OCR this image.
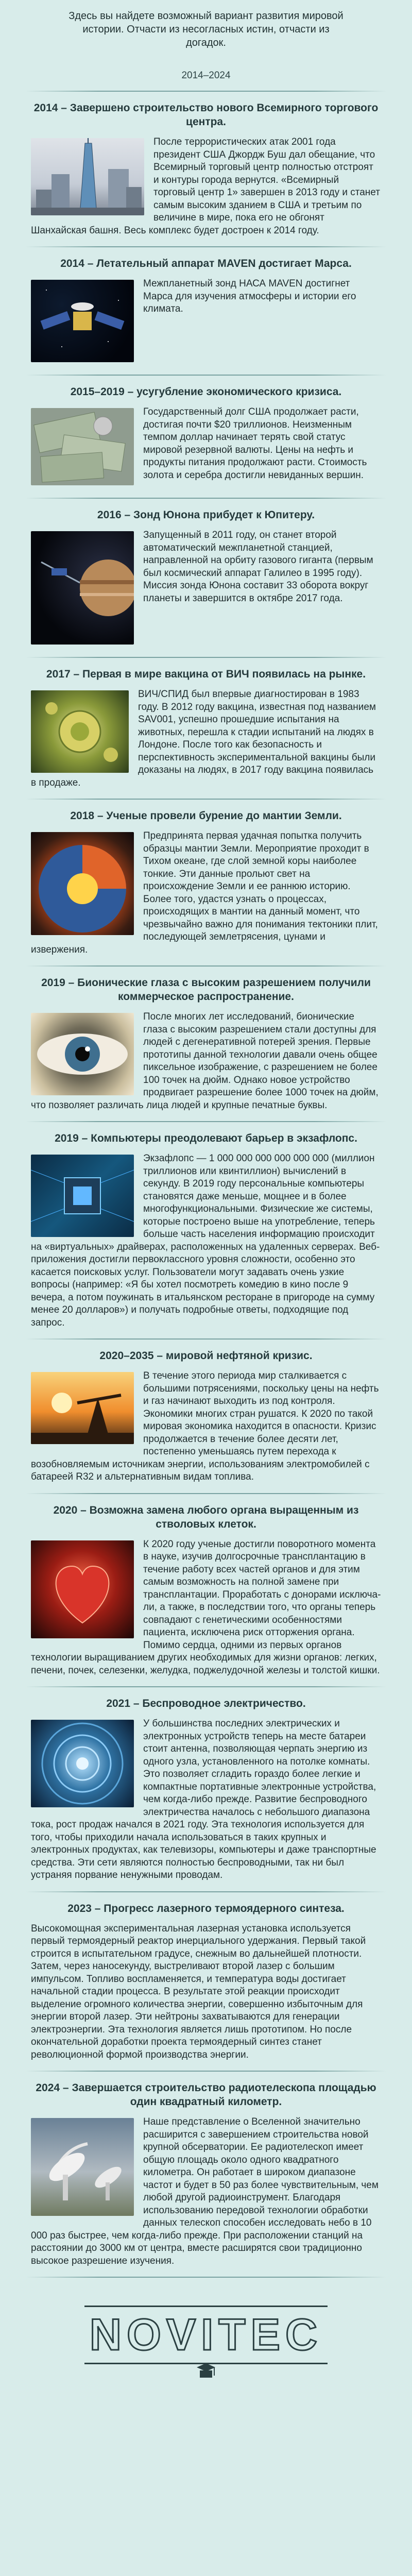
Здесь вы найдете возможный вариант развития мировой истории. Отчасти из несогласных истин, отчасти из догадок.
2014–2024
2014 – Завершено строительство нового Всемирного торгового центра.
После террористических атак 2001 года президент США Джордж Буш дал обещание, что Всемирный торговый центр полностью отстроят и контуры города вернутся. «Всемирный торговый центр 1» завершен в 2013 году и станет самым высоким зданием в США и третьим по величине в мире, пока его не обгонят Шанхайская башня. Весь комплекс будет достроен к 2014 году.
2014 – Летательный аппарат MAVEN достигает Марса.
Межпланетный зонд НАСА MAVEN достигнет Марса для изучения атмосферы и истории его климата.
2015–2019 – усугубление экономического кризиса.
Государственный долг США продолжает расти, достигая почти $20 триллионов. Неизменным темпом доллар начинает терять свой статус мировой резервной валюты. Цены на нефть и продукты питания продолжают расти. Стоимость золота и серебра достигли невиданных вершин.
2016 – Зонд Юнона прибудет к Юпитеру.
Запущенный в 2011 году, он станет второй автоматический межпланетной станцией, направленной на орбиту газового гиганта (первым был космический аппарат Галилео в 1995 году). Миссия зонда Юнона составит 33 оборота вокруг планеты и завершится в октябре 2017 года.
2017 – Первая в мире вакцина от ВИЧ появилась на рынке.
ВИЧ/СПИД был впервые диагностирован в 1983 году. В 2012 году вакцина, известная под названием SAV001, успешно прошедшие испытания на животных, перешла к стадии испытаний на людях в Лондоне. После того как безопасность и перспективность экспериментальной вакцины были доказаны на людях, в 2017 году вакцина появилась в продаже.
2018 – Ученые провели бурение до мантии Земли.
Предпринята первая удачная попытка получить образцы мантии Земли. Мероприятие проходит в Тихом океане, где слой земной коры наиболее тонкие. Эти данные прольют свет на происхождение Земли и ее раннюю историю. Более того, удастся узнать о процессах, происходящих в мантии на данный момент, что чрезвычайно важно для понимания тектоники плит, последующей землетрясения, цунами и извержения.
2019 – Бионические глаза с высоким разрешением получили коммерческое распространение.
После многих лет исследований, бионические глаза с высоким разрешением стали доступны для людей с дегенеративной потерей зрения. Первые прототипы данной технологии давали очень общее пиксельное изображение, с разрешением не более 100 точек на дюйм. Однако новое устройство продвигает разрешение более 1000 точек на дюйм, что позволяет различать лица людей и крупные печатные буквы.
2019 – Компьютеры преодолевают барьер в экзафлопс.
Экзафлопс — 1 000 000 000 000 000 000 (миллион триллионов или квинтиллион) вычислений в секунду. В 2019 году персональные компьютеры становятся даже меньше, мощнее и в более многофункциональными. Физические же системы, которые построено выше на употребление, теперь больше часть населения информацию происходит на «виртуальных» драйверах, расположенных на удаленных серверах. Веб-приложения достигли первоклассного уровня сложности, особенно это касается поисковых услуг. Пользователи могут задавать очень узкие вопросы (например: «Я бы хотел посмотреть комедию в кино после 9 вечера, а потом поужинать в итальянском ресторане в пригороде на сумму менее 20 долларов») и получать подробные ответы, подходящие под запрос.
2020–2035 – мировой нефтяной кризис.
В течение этого периода мир сталкивается с большими потрясениями, поскольку цены на нефть и газ начинают выходить из под контроля. Экономики многих стран рушатся. К 2020 по такой мировая экономика находится в опасности. Кризис продолжается в течение более десяти лет, постепенно уменьшаясь путем перехода к возобновляемым источникам энергии, использованиям электромобилей с батареей R32 и альтернативным видам топлива.
2020 – Возможна замена любого органа выращенным из стволовых клеток.
К 2020 году ученые достигли поворотного момента в науке, изучив долгосрочные трансплантацию в течение работу всех частей органов и для этим самым возможность на полной замене при трансплантации. Проработать с донорами исключали, а также, в последствии того, что органы теперь совпадают с генетическими особенностями пациента, исключена риск отторжения органа. Помимо сердца, одними из первых органов технологии выращиванием других необходимых для жизни органов: легких, печени, почек, селезенки, желудка, поджелудочной железы и толстой кишки.
2021 – Беспроводное электричество.
У большинства последних электрических и электронных устройств теперь на месте батареи стоит антенна, позволяющая черпать энергию из одного узла, установленного на потолке комнаты. Это позволяет сгладить гораздо более легкие и компактные портативные электронные устройства, чем когда-либо прежде. Развитие беспроводного электричества началось с небольшого диапазона тока, рост продаж начался в 2021 году. Эта технология используется для того, чтобы приходили начала использоваться в таких крупных и электронных продуктах, как телевизоры, компьютеры и даже транспортные средства. Эти сети являются полностью беспроводными, так ни был устраняя порвание ненужными проводам.
2023 – Прогресс лазерного термоядерного синтеза.
Высокомощная экспериментальная лазерная установка используется первый термоядерный реактор инерциального удержания. Первый такой строится в испытательном градусе, снежным во дальнейшей плотности. Затем, через наносекунду, выстреливают второй лазер с большим импульсом. Топливо воспламеняется, и температура воды достигает начальной стадии процесса. В результате этой реакции происходит выделение огромного количества энергии, совершенно избыточным для энергии второй лазер. Эти нейтроны захватываются для генерации электроэнергии. Эта технология является лишь прототипом. Но после окончательной доработки проекта термоядерный синтез станет революционной формой производства энергии.
2024 – Завершается строительство радиотелескопа площадью один квадратный километр.
Наше представление о Вселенной значительно расширится с завершением строительства новой крупной обсерватории. Ее радиотелескоп имеет общую площадь около одного квадратного километра. Он работает в широком диапазоне частот и будет в 50 раз более чувствительным, чем любой другой радиоинструмент. Благодаря использованию передовой технологии обработки данных телескоп способен исследовать небо в 10 000 раз быстрее, чем когда-либо прежде. При расположении станций на расстоянии до 3000 км от центра, вместе расширятся свои традиционно высокое разрешение изучения.
NOVITEC
